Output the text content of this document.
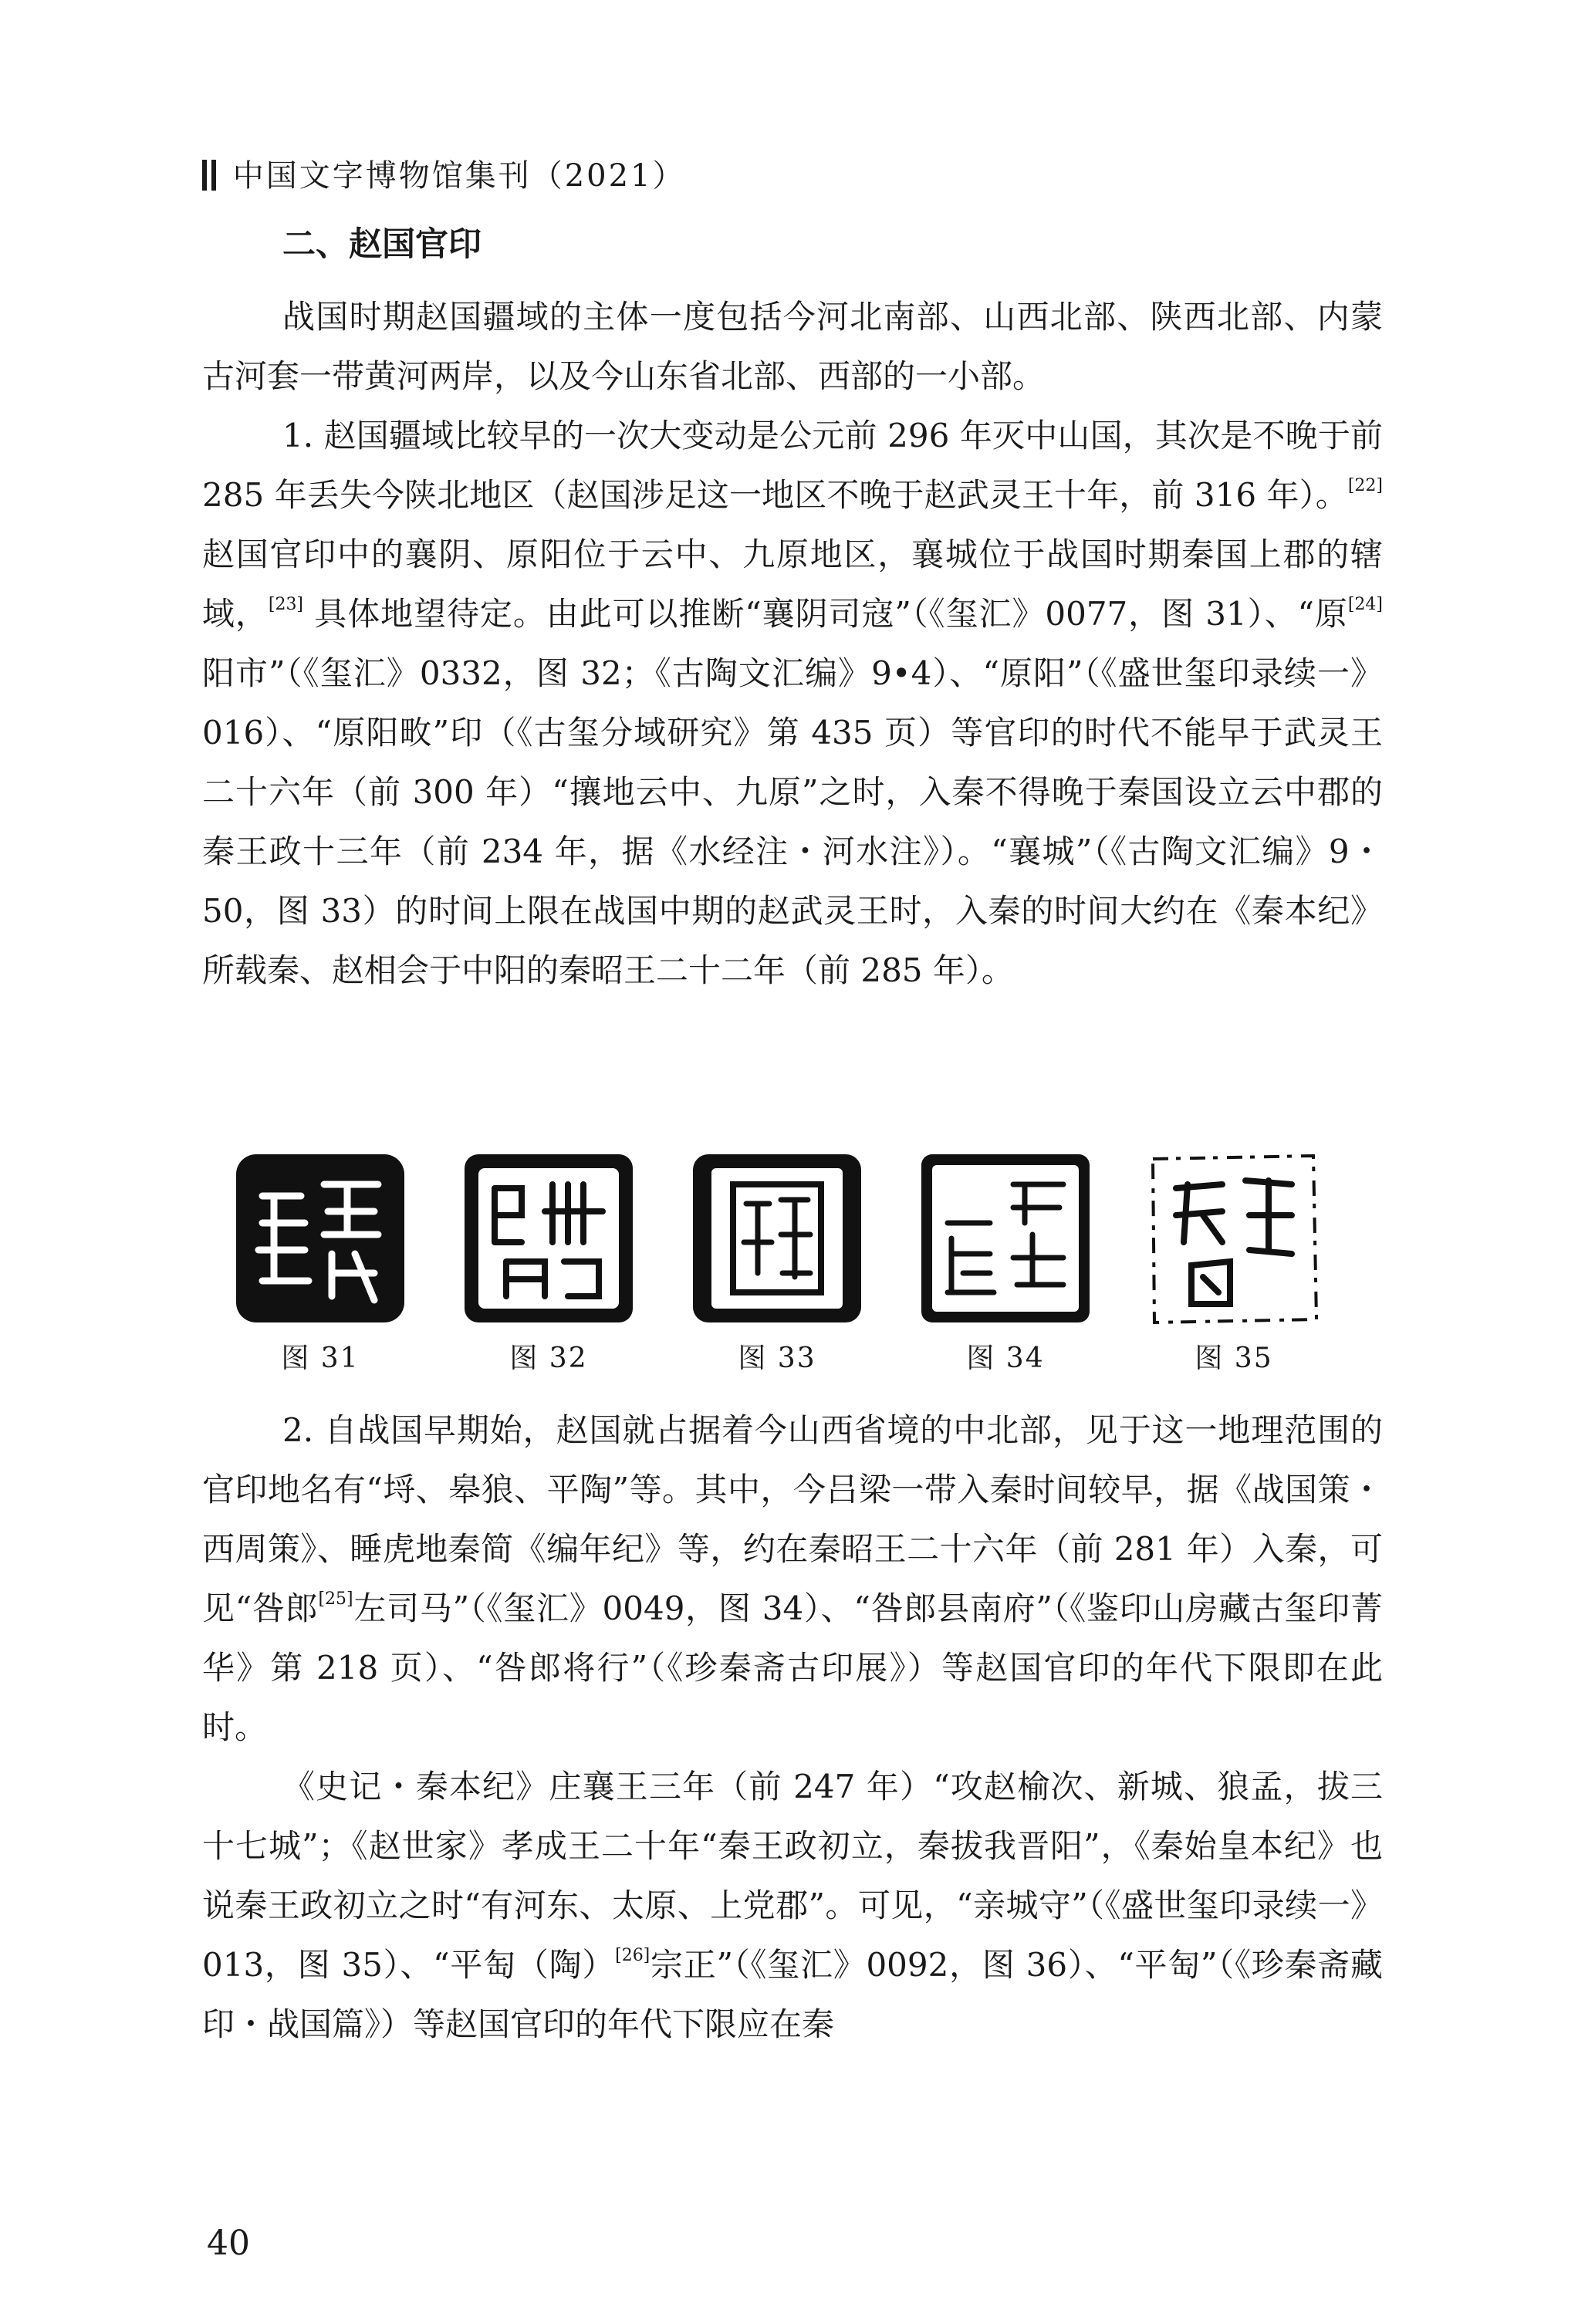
中国文字博物馆集刊（2021）
二、赵国官印

战国时期赵国疆域的主体一度包括今河北南部、山西北部、陕西北部、内蒙古河套一带黄河两岸，以及今山东省北部、西部的一小部。

1. 赵国疆域比较早的一次大变动是公元前 296 年灭中山国，其次是不晚于前 285 年丢失今陕北地区（赵国涉足这一地区不晚于赵武灵王十年，前 316 年）。[22] 赵国官印中的襄阴、原阳位于云中、九原地区，襄城位于战国时期秦国上郡的辖域，[23] 具体地望待定。由此可以推断“襄阴司寇”（《玺汇》0077，图 31）、“原[24]阳市”（《玺汇》0332，图 32；《古陶文汇编》9•4）、“原阳”（《盛世玺印录续一》016）、“原阳畋”印（《古玺分域研究》第 435 页）等官印的时代不能早于武灵王二十六年（前 300 年）“攘地云中、九原”之时，入秦不得晚于秦国设立云中郡的秦王政十三年（前 234 年，据《水经注・河水注》）。“襄城”（《古陶文汇编》9・50，图 33）的时间上限在战国中期的赵武灵王时，入秦的时间大约在《秦本纪》所载秦、赵相会于中阳的秦昭王二十二年（前 285 年）。

图 31	图 32	图 33	图 34	图 35

2. 自战国早期始，赵国就占据着今山西省境的中北部，见于这一地理范围的官印地名有“埒、皋狼、平陶”等。其中，今吕梁一带入秦时间较早，据《战国策・西周策》、睡虎地秦简《编年纪》等，约在秦昭王二十六年（前 281 年）入秦，可见“咎郎[25]左司马”（《玺汇》0049，图 34）、“咎郎县南府”（《鉴印山房藏古玺印菁华》第 218 页）、“咎郎将行”（《珍秦斋古印展》）等赵国官印的年代下限即在此时。

《史记・秦本纪》庄襄王三年（前 247 年）“攻赵榆次、新城、狼孟，拔三十七城”；《赵世家》孝成王二十年“秦王政初立，秦拔我晋阳”，《秦始皇本纪》也说秦王政初立之时“有河东、太原、上党郡”。可见，“亲城守”（《盛世玺印录续一》013，图 35）、“平匋（陶）[26]宗正”（《玺汇》0092，图 36）、“平匋”（《珍秦斋藏印・战国篇》）等赵国官印的年代下限应在秦

40
